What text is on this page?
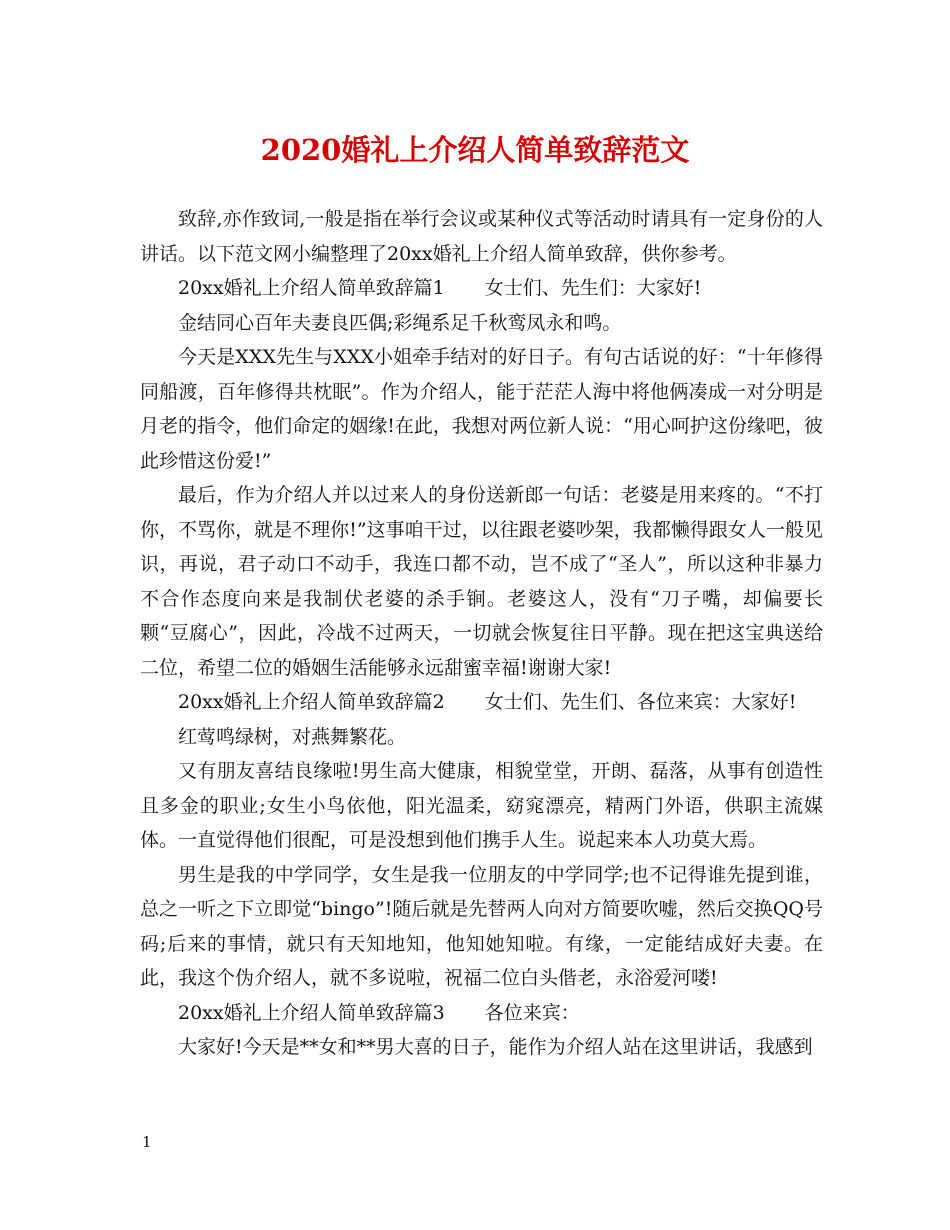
2020婚礼上介绍人简单致辞范文

致辞,亦作致词,一般是指在举行会议或某种仪式等活动时请具有一定身份的人讲话。以下范文网小编整理了20xx婚礼上介绍人简单致辞，供你参考。

20xx婚礼上介绍人简单致辞篇1 女士们、先生们：大家好!

金结同心百年夫妻良匹偶;彩绳系足千秋鸾凤永和鸣。

今天是XXX先生与XXX小姐牵手结对的好日子。有句古话说的好：“十年修得同船渡，百年修得共枕眠”。作为介绍人，能于茫茫人海中将他俩凑成一对分明是月老的指令，他们命定的姻缘!在此，我想对两位新人说：“用心呵护这份缘吧，彼此珍惜这份爱!”

最后，作为介绍人并以过来人的身份送新郎一句话：老婆是用来疼的。“不打你，不骂你，就是不理你!”这事咱干过，以往跟老婆吵架，我都懒得跟女人一般见识，再说，君子动口不动手，我连口都不动，岂不成了“圣人”，所以这种非暴力不合作态度向来是我制伏老婆的杀手锏。老婆这人，没有“刀子嘴，却偏要长颗“豆腐心”，因此，冷战不过两天，一切就会恢复往日平静。现在把这宝典送给二位，希望二位的婚姻生活能够永远甜蜜幸福!谢谢大家!

20xx婚礼上介绍人简单致辞篇2 女士们、先生们、各位来宾：大家好!

红莺鸣绿树，对燕舞繁花。

又有朋友喜结良缘啦!男生高大健康，相貌堂堂，开朗、磊落，从事有创造性且多金的职业;女生小鸟依他，阳光温柔，窈窕漂亮，精两门外语，供职主流媒体。一直觉得他们很配，可是没想到他们携手人生。说起来本人功莫大焉。

男生是我的中学同学，女生是我一位朋友的中学同学;也不记得谁先提到谁，总之一听之下立即觉“bingo”!随后就是先替两人向对方简要吹嘘，然后交换QQ号码;后来的事情，就只有天知地知，他知她知啦。有缘，一定能结成好夫妻。在此，我这个伪介绍人，就不多说啦，祝福二位白头偕老，永浴爱河喽!

20xx婚礼上介绍人简单致辞篇3 各位来宾：

大家好!今天是**女和**男大喜的日子，能作为介绍人站在这里讲话，我感到

1
